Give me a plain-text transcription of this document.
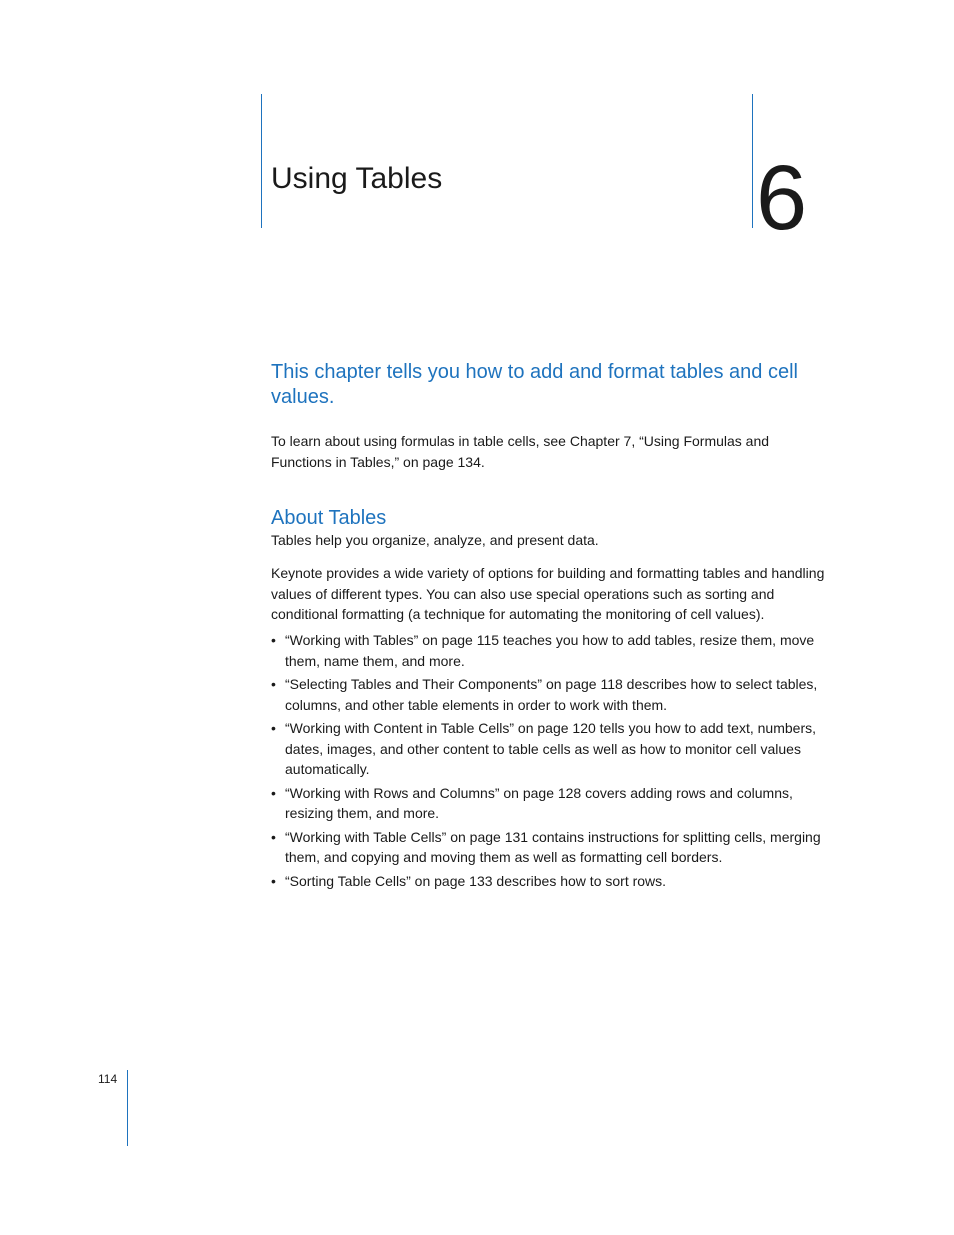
Using Tables	6

This chapter tells you how to add and format tables and cell values.

To learn about using formulas in table cells, see Chapter 7, “Using Formulas and Functions in Tables,” on page 134.

About Tables

Tables help you organize, analyze, and present data.

Keynote provides a wide variety of options for building and formatting tables and handling values of different types. You can also use special operations such as sorting and conditional formatting (a technique for automating the monitoring of cell values).

• “Working with Tables” on page 115 teaches you how to add tables, resize them, move them, name them, and more.
• “Selecting Tables and Their Components” on page 118 describes how to select tables, columns, and other table elements in order to work with them.
• “Working with Content in Table Cells” on page 120 tells you how to add text, numbers, dates, images, and other content to table cells as well as how to monitor cell values automatically.
• “Working with Rows and Columns” on page 128 covers adding rows and columns, resizing them, and more.
• “Working with Table Cells” on page 131 contains instructions for splitting cells, merging them, and copying and moving them as well as formatting cell borders.
• “Sorting Table Cells” on page 133 describes how to sort rows.
114
